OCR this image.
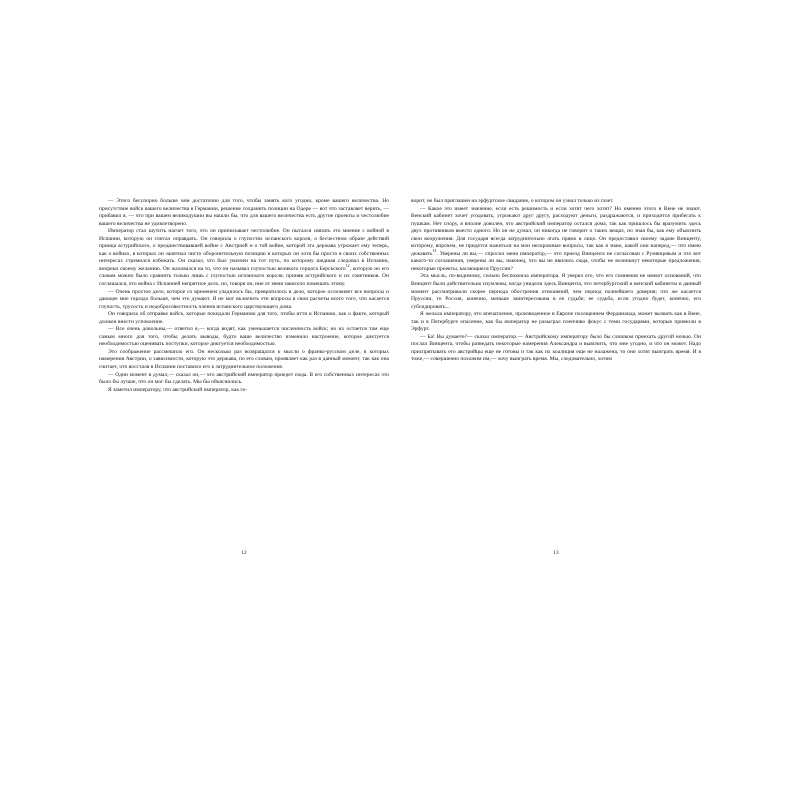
— Этого бесспорно больше чем достаточно для того, чтобы занять кого угодно, кроме вашего величества. Но присутствие войск вашего величества в Германии, решение сохранить позиции на Одере — вот что заставляет верить, — прибавил я, — что при вашем великодушии вы нашли бы, что для вашего величества есть другие проекты и честолюбие вашего величества не удовлетворено.

Император стал шутить насчет того, что он приписывает честолюбие. Он пытался связать это мнение с войной в Испании, которую он считал оправдать. Он говорила о глупостях испанского короля, о бесчестном образе действий принца астурийского, о предшествовавшей войне с Австрией и о той войне, которой эта держава угрожает ему теперь, как о войнах, в которых он запятнал чисто оборонительную позицию и которых он хотя бы просто в своих собственных интересах стремился избежать. Он сказал, что был увлечен на тот путь, по которому шедшая следовал в Испании, вопреки своему желанию. Он жаловался на то, что он называл глупостью великого герцога Берскского$^{12}$, которую но его словам можно было сравнить только лишь с глупостью испанского короля, приняв астурийского и их советников. Он соглашался, что война с Испанией непрятное дело, но, говоря он, ине от меня зависело помешать этому.

— Очень простое дело, которое со временем уладилось бы, превратилось в дело, которое осложняет все вопросы и дающее мне гораздо больше, чем это думают. Я не мог включить эти вопросы в свои расчеты всего того, что касается глупость, трусость и недобросовестность членов испанского царствующего дома.

Он говорила об отправке войск, которые покидали Германию для того, чтобы итти в Испанию, как о факте, который должен внести успокоение.

— Все очень довольны,— ответил я,— когда видят, как уменьшается численность войск; но их остается там еще самым много для того, чтобы делать выводы, будто ваше величество изменило настроение, которое диктуется необходимостью оценивать поступки, которое диктуется необходимостью.

Это соображение рассмешило его. Он несколько раз возвращался к мысли о франко-русском деле, в которых намерения Австрии, о зависимости, которую это держава, по его словам, проявляет как раз в данный момент, так как она считает, что воссталя в Испании поставило его к затруднительное положение.

— Один момент я думал,— сказал он,— что австрийский император приедет сюда. В его собственных интересах это было бы лучше, что он мог бы сделать. Мы бы объяснились.

Я заметил императору, что австрийский император, как го-

12

ворит, не был приглашен на эрфуртское свидание, о котором он узнал только из газет.

— Какое это имеет значение, если есть решимость и если хотят чего хотят? Но именно этого в Вене не знают. Венский кабинет хочет угодовать, угрожают друг другу, расходуют деньги, раздражаются, и приходится прибегать к пушкам. Нет спору, я вполне доволен, что австрийский император остался дома, так как пришлось бы вразумить здесь двух противников вместо одного. Но он не думал, он никогда не говорит о таких вещах, но зная бы, как ему объяснить свои вооружения. Для государя всегда затруднительно лгать прямо в лицо. Он предоставил своему задаче Винценту, которому, впрочем, не придется нажиться на мои нескромные вопросы, так как я знаю, какой они наперед,— что имею дежавать$^{13}$. Уверены ли вы,— спросил меня император,— что приезд Винцента не согласован с Румянцевым и что вот какого-то соглашения, уверены ли вы, наконец, что вы не явились сюда, чтобы не возникнут некоторые предложения, некоторые проекты, касающиеся Пруссии?

Эта мысль, по-видимому, сильно беспокоила императора. Я уверял его, что его сомнения не имеют оснований, что Винцент были действительно изумлены, когда увидели здесь Винцента, что петербургский и венский кабинеты и данный момент рассматривали скорее периода обострения отношений, чем период полнейшего доверия; что же касается Пруссии, то Россия, конечно, меньше заинтересована в ее судьбе; ее судьба, если угодно будет, конечно, его субсидировать...

Я желала императору, что впечатление, произведенное в Европе посещением Фердинанда, может вызвать как в Вене, так и в Петербурге опасение, как бы император не разыграл пленчиво фокус с теми государями, которые привезли в Эрфурт.

— Ба! Вы думаете?— сказал император.— Австрийскому императору было бы слишком приехать другой ночью. Он послал Винцента, чтобы разведать некоторые намерения Александра и выяснить, что мне угодно, и что он может. Надо приспрятывать его австрийцы еще не готовы и так как их коалиция еще не налажена, то они хотят выиграть время. И я тоже,— совершенно похожим им,— хочу выиграть время. Мы, следовательно, хотим

13
